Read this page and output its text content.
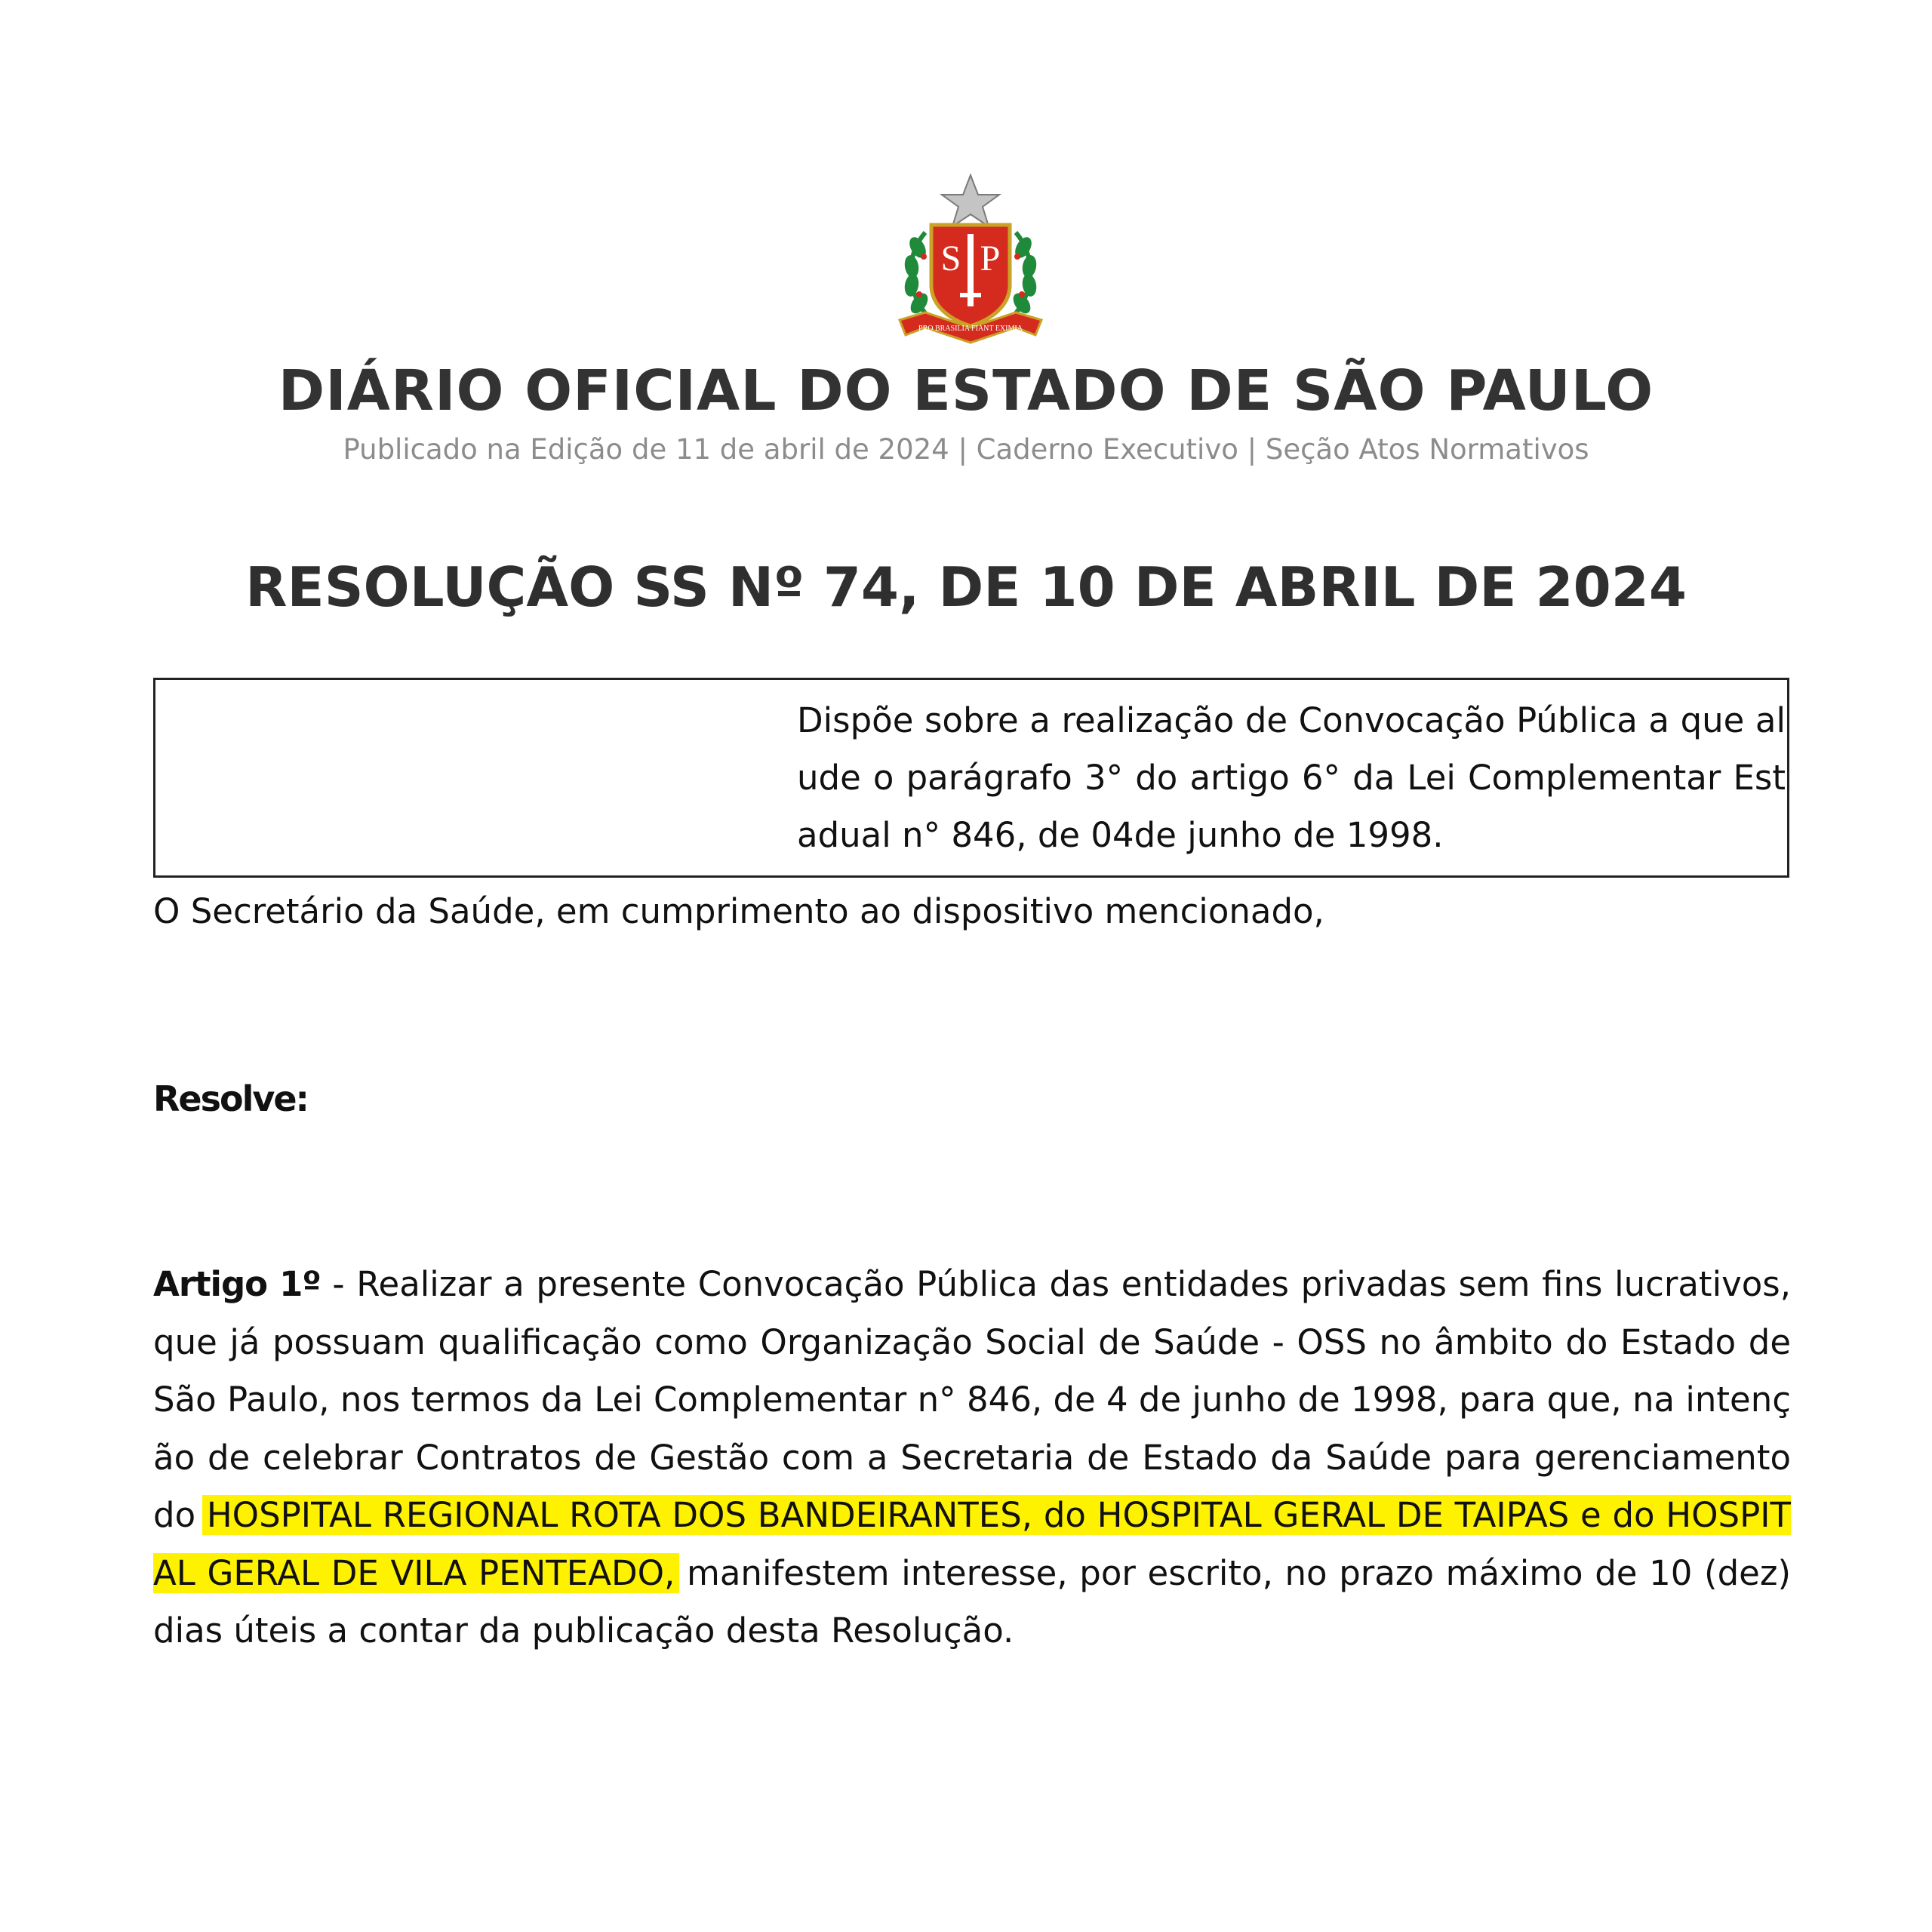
S P
PRO BRASILIA FIANT EXIMIA
DIÁRIO OFICIAL DO ESTADO DE SÃO PAULO
Publicado na Edição de 11 de abril de 2024 | Caderno Executivo | Seção Atos Normativos
RESOLUÇÃO SS Nº 74, DE 10 DE ABRIL DE 2024
Dispõe sobre a realização de Convocação Pública a que alude o parágrafo 3° do artigo 6° da Lei Complementar Estadual n° 846, de 04de junho de 1998.
O Secretário da Saúde, em cumprimento ao dispositivo mencionado,
Resolve:
Artigo 1º - Realizar a presente Convocação Pública das entidades privadas sem fins lucrativos, que já possuam qualificação como Organização Social de Saúde - OSS no âmbito do Estado de São Paulo, nos termos da Lei Complementar n° 846, de 4 de junho de 1998, para que, na intenção de celebrar Contratos de Gestão com a Secretaria de Estado da Saúde para gerenciamento do HOSPITAL REGIONAL ROTA DOS BANDEIRANTES, do HOSPITAL GERAL DE TAIPAS e do HOSPITAL GERAL DE VILA PENTEADO, manifestem interesse, por escrito, no prazo máximo de 10 (dez) dias úteis a contar da publicação desta Resolução.
